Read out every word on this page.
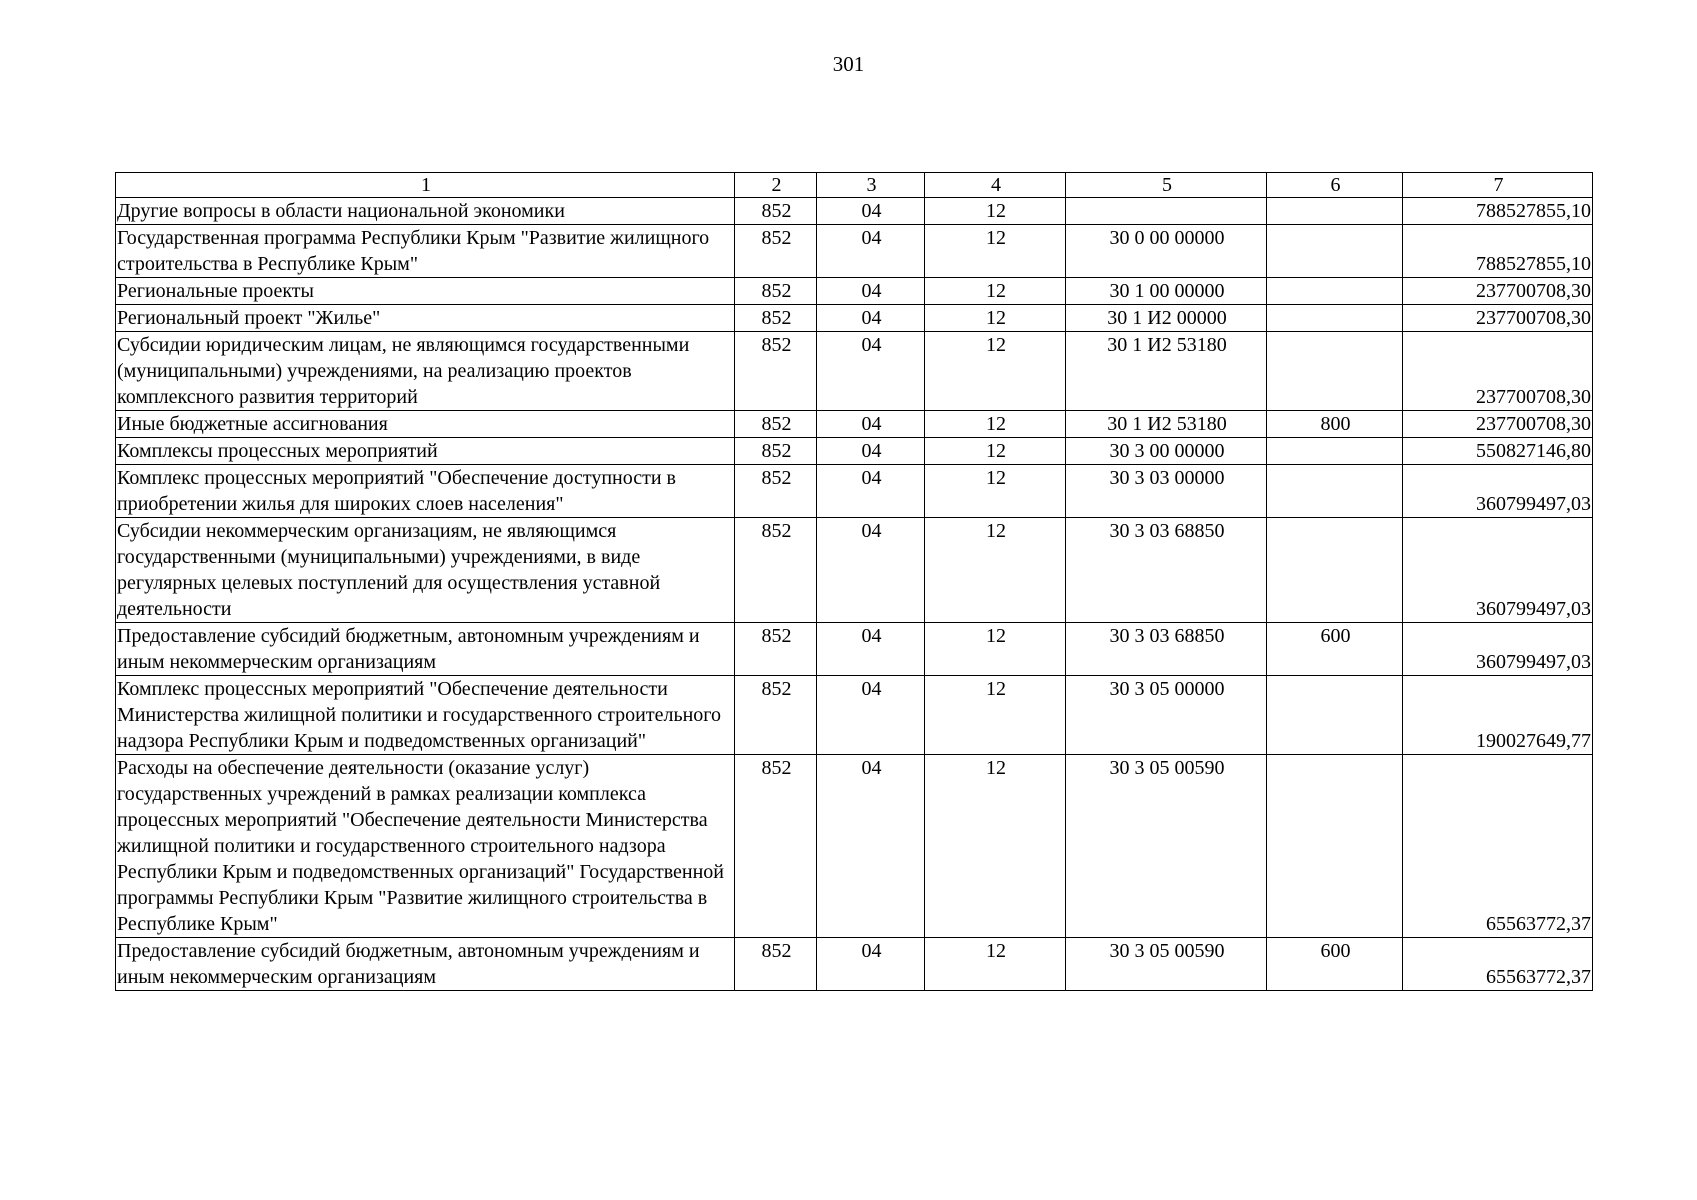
301
1	2	3	4	5	6	7
Другие вопросы в области национальной экономики	852	04	12			788527855,10
Государственная программа Республики Крым "Развитие жилищного строительства в Республике Крым"	852	04	12	30 0 00 00000		788527855,10
Региональные проекты	852	04	12	30 1 00 00000		237700708,30
Региональный проект "Жилье"	852	04	12	30 1 И2 00000		237700708,30
Субсидии юридическим лицам, не являющимся государственными (муниципальными) учреждениями, на реализацию проектов комплексного развития территорий	852	04	12	30 1 И2 53180		237700708,30
Иные бюджетные ассигнования	852	04	12	30 1 И2 53180	800	237700708,30
Комплексы процессных мероприятий	852	04	12	30 3 00 00000		550827146,80
Комплекс процессных мероприятий "Обеспечение доступности в приобретении жилья для широких слоев населения"	852	04	12	30 3 03 00000		360799497,03
Субсидии некоммерческим организациям, не являющимся государственными (муниципальными) учреждениями, в виде регулярных целевых поступлений для осуществления уставной деятельности	852	04	12	30 3 03 68850		360799497,03
Предоставление субсидий бюджетным, автономным учреждениям и иным некоммерческим организациям	852	04	12	30 3 03 68850	600	360799497,03
Комплекс процессных мероприятий "Обеспечение деятельности Министерства жилищной политики и государственного строительного надзора Республики Крым и подведомственных организаций"	852	04	12	30 3 05 00000		190027649,77
Расходы на обеспечение деятельности (оказание услуг) государственных учреждений в рамках реализации комплекса процессных мероприятий "Обеспечение деятельности Министерства жилищной политики и государственного строительного надзора Республики Крым и подведомственных организаций" Государственной программы Республики Крым "Развитие жилищного строительства в Республике Крым"	852	04	12	30 3 05 00590		65563772,37
Предоставление субсидий бюджетным, автономным учреждениям и иным некоммерческим организациям	852	04	12	30 3 05 00590	600	65563772,37
